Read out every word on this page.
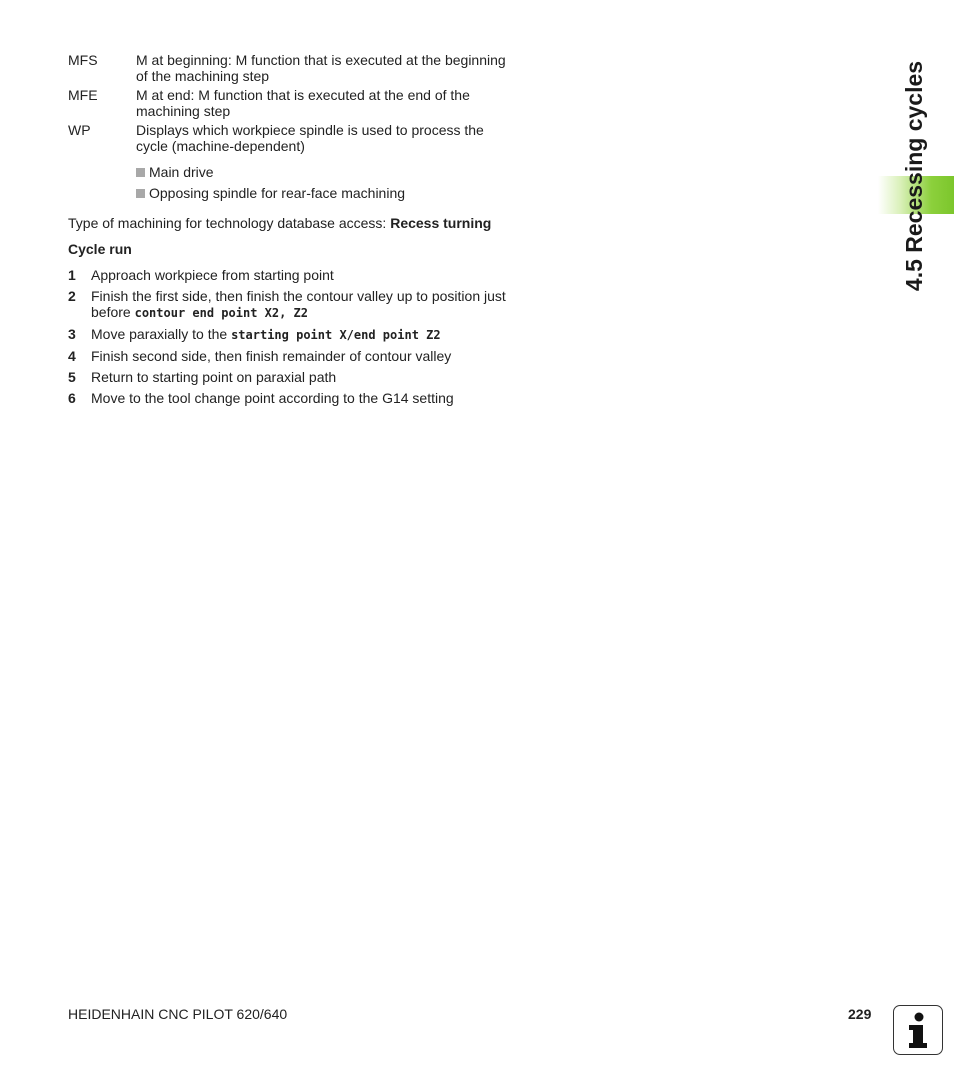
MFS	M at beginning: M function that is executed at the beginning of the machining step
MFE	M at end: M function that is executed at the end of the machining step
WP	Displays which workpiece spindle is used to process the cycle (machine-dependent)
Main drive
Opposing spindle for rear-face machining
Type of machining for technology database access: Recess turning
Cycle run
1	Approach workpiece from starting point
2	Finish the first side, then finish the contour valley up to position just before contour end point X2, Z2
3	Move paraxially to the starting point X/end point Z2
4	Finish second side, then finish remainder of contour valley
5	Return to starting point on paraxial path
6	Move to the tool change point according to the G14 setting
4.5 Recessing cycles
HEIDENHAIN CNC PILOT 620/640	229
